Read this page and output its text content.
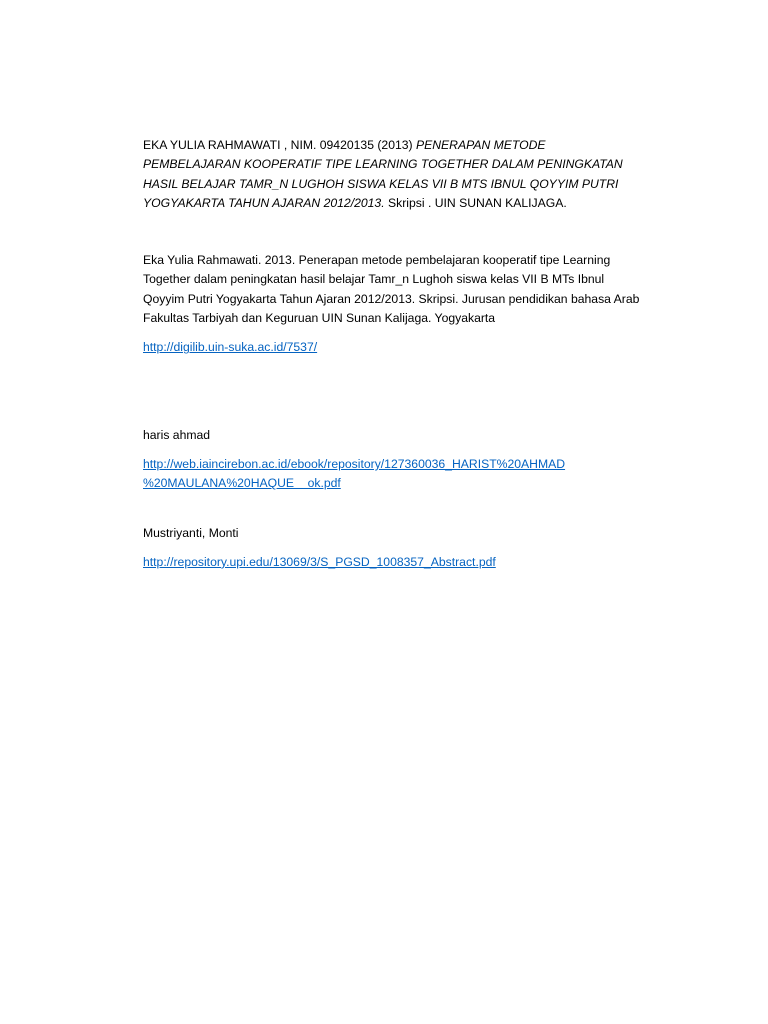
EKA YULIA RAHMAWATI , NIM. 09420135 (2013) PENERAPAN METODE PEMBELAJARAN KOOPERATIF TIPE LEARNING TOGETHER DALAM PENINGKATAN HASIL BELAJAR TAMR_N LUGHOH SISWA KELAS VII B MTS IBNUL QOYYIM PUTRI YOGYAKARTA TAHUN AJARAN 2012/2013. Skripsi . UIN SUNAN KALIJAGA.

Eka Yulia Rahmawati. 2013. Penerapan metode pembelajaran kooperatif tipe Learning Together dalam peningkatan hasil belajar Tamr_n Lughoh siswa kelas VII B MTs Ibnul Qoyyim Putri Yogyakarta Tahun Ajaran 2012/2013. Skripsi. Jurusan pendidikan bahasa Arab Fakultas Tarbiyah dan Keguruan UIN Sunan Kalijaga. Yogyakarta

http://digilib.uin-suka.ac.id/7537/

haris ahmad

http://web.iaincirebon.ac.id/ebook/repository/127360036_HARIST%20AHMAD
%20MAULANA%20HAQUE    ok.pdf

Mustriyanti, Monti

http://repository.upi.edu/13069/3/S_PGSD_1008357_Abstract.pdf
